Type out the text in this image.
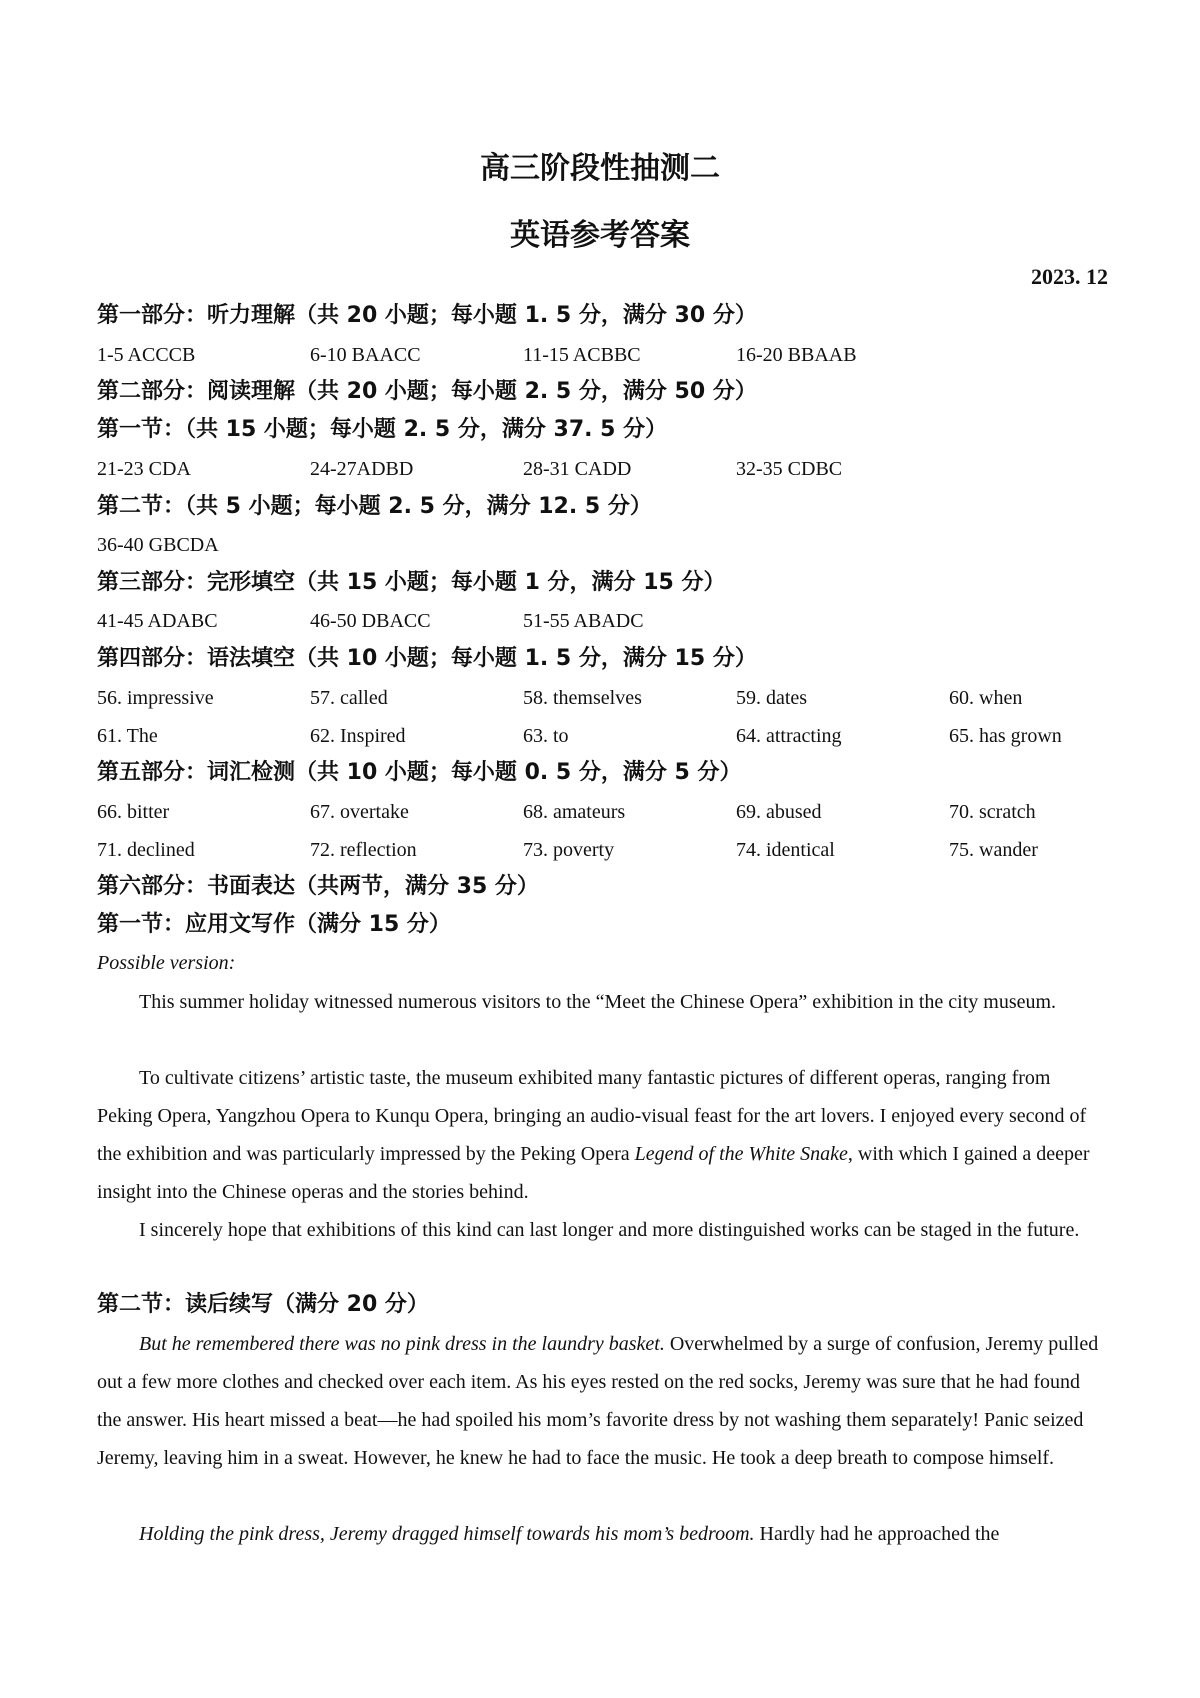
高三阶段性抽测二
英语参考答案
2023. 12
第一部分：听力理解（共 20 小题；每小题 1. 5 分，满分 30 分）
1-5 ACCCB	6-10 BAACC	11-15 ACBBC	16-20 BBAAB
第二部分：阅读理解（共 20 小题；每小题 2. 5 分，满分 50 分）
第一节：（共 15 小题；每小题 2. 5 分，满分 37. 5 分）
21-23 CDA	24-27ADBD	28-31 CADD	32-35 CDBC
第二节：（共 5 小题；每小题 2. 5 分，满分 12. 5 分）
36-40 GBCDA
第三部分：完形填空（共 15 小题；每小题 1 分，满分 15 分）
41-45 ADABC	46-50 DBACC	51-55 ABADC
第四部分：语法填空（共 10 小题；每小题 1. 5 分，满分 15 分）
56. impressive	57. called	58. themselves	59. dates	60. when
61. The	62. Inspired	63. to	64. attracting	65. has grown
第五部分：词汇检测（共 10 小题；每小题 0. 5 分，满分 5 分）
66. bitter	67. overtake	68. amateurs	69. abused	70. scratch
71. declined	72. reflection	73. poverty	74. identical	75. wander
第六部分：书面表达（共两节，满分 35 分）
第一节：应用文写作（满分 15 分）
Possible version:
This summer holiday witnessed numerous visitors to the “Meet the Chinese Opera” exhibition in the city museum.
To cultivate citizens’ artistic taste, the museum exhibited many fantastic pictures of different operas, ranging from Peking Opera, Yangzhou Opera to Kunqu Opera, bringing an audio-visual feast for the art lovers. I enjoyed every second of the exhibition and was particularly impressed by the Peking Opera Legend of the White Snake, with which I gained a deeper insight into the Chinese operas and the stories behind.
I sincerely hope that exhibitions of this kind can last longer and more distinguished works can be staged in the future.
第二节：读后续写（满分 20 分）
But he remembered there was no pink dress in the laundry basket. Overwhelmed by a surge of confusion, Jeremy pulled out a few more clothes and checked over each item. As his eyes rested on the red socks, Jeremy was sure that he had found the answer. His heart missed a beat—he had spoiled his mom’s favorite dress by not washing them separately! Panic seized Jeremy, leaving him in a sweat. However, he knew he had to face the music. He took a deep breath to compose himself.
Holding the pink dress, Jeremy dragged himself towards his mom’s bedroom. Hardly had he approached the
